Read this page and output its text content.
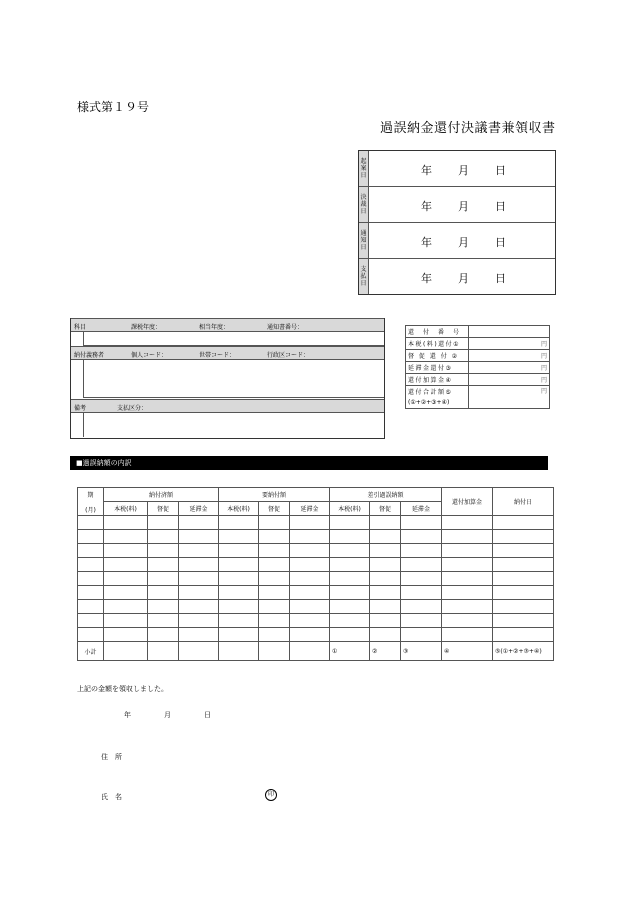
様式第１９号
過誤納金還付決議書兼領収書
起
案
日	年 月 日
決
裁
日	年 月 日
通
知
日	年 月 日
支
払
日	年 月 日
科目	課税年度：	相当年度：	通知書番号：
納付義務者	個人コード：	世帯コード：	行政区コード：
備考	支払区分：
還　付　番　号	
本税(料)還付①	円
督 促 還 付 ②	円
延滞金還付③	円
還付加算金④	円
還付合計額⑤	円
(①+②+③+④)	
■過誤納額の内訳
期
(月)	納付済額			要納付額			差引過誤納額			還付加算金	納付日
	本税(料)	督促	延滞金	本税(料)	督促	延滞金	本税(料)	督促	延滞金		

小計							①	②	③	④	⑤(①+②+③+④)
上記の金額を領収しました。
年	月	日
住　所
氏　名	印
